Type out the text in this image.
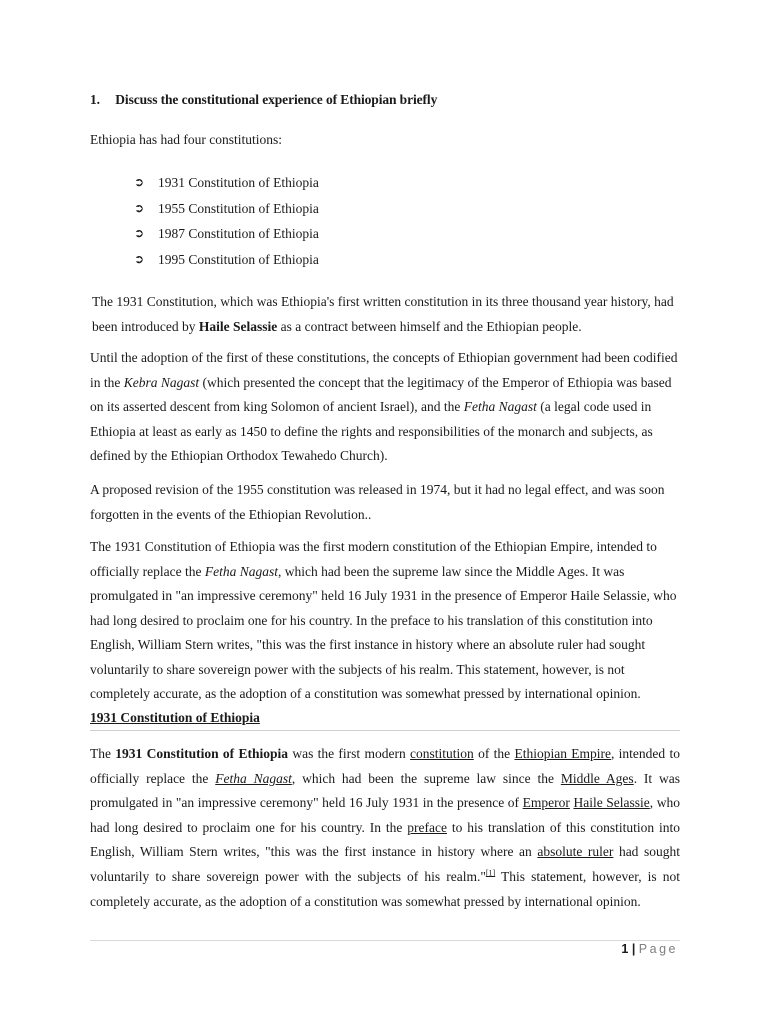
1. Discuss the constitutional experience of Ethiopian briefly
Ethiopia has had four constitutions:
➲	1931 Constitution of Ethiopia
➲	1955 Constitution of Ethiopia
➲	1987 Constitution of Ethiopia
➲	1995 Constitution of Ethiopia
The 1931 Constitution, which was Ethiopia's first written constitution in its three thousand year history, had been introduced by Haile Selassie as a contract between himself and the Ethiopian people.
Until the adoption of the first of these constitutions, the concepts of Ethiopian government had been codified in the Kebra Nagast (which presented the concept that the legitimacy of the Emperor of Ethiopia was based on its asserted descent from king Solomon of ancient Israel), and the Fetha Nagast (a legal code used in Ethiopia at least as early as 1450 to define the rights and responsibilities of the monarch and subjects, as defined by the Ethiopian Orthodox Tewahedo Church).
A proposed revision of the 1955 constitution was released in 1974, but it had no legal effect, and was soon forgotten in the events of the Ethiopian Revolution..
The 1931 Constitution of Ethiopia was the first modern constitution of the Ethiopian Empire, intended to officially replace the Fetha Nagast, which had been the supreme law since the Middle Ages. It was promulgated in "an impressive ceremony" held 16 July 1931 in the presence of Emperor Haile Selassie, who had long desired to proclaim one for his country. In the preface to his translation of this constitution into English, William Stern writes, "this was the first instance in history where an absolute ruler had sought voluntarily to share sovereign power with the subjects of his realm. This statement, however, is not completely accurate, as the adoption of a constitution was somewhat pressed by international opinion.
1931 Constitution of Ethiopia
The 1931 Constitution of Ethiopia was the first modern constitution of the Ethiopian Empire, intended to officially replace the Fetha Nagast, which had been the supreme law since the Middle Ages. It was promulgated in "an impressive ceremony" held 16 July 1931 in the presence of Emperor Haile Selassie, who had long desired to proclaim one for his country. In the preface to his translation of this constitution into English, William Stern writes, "this was the first instance in history where an absolute ruler had sought voluntarily to share sovereign power with the subjects of his realm."[1] This statement, however, is not completely accurate, as the adoption of a constitution was somewhat pressed by international opinion.
1 | Page
